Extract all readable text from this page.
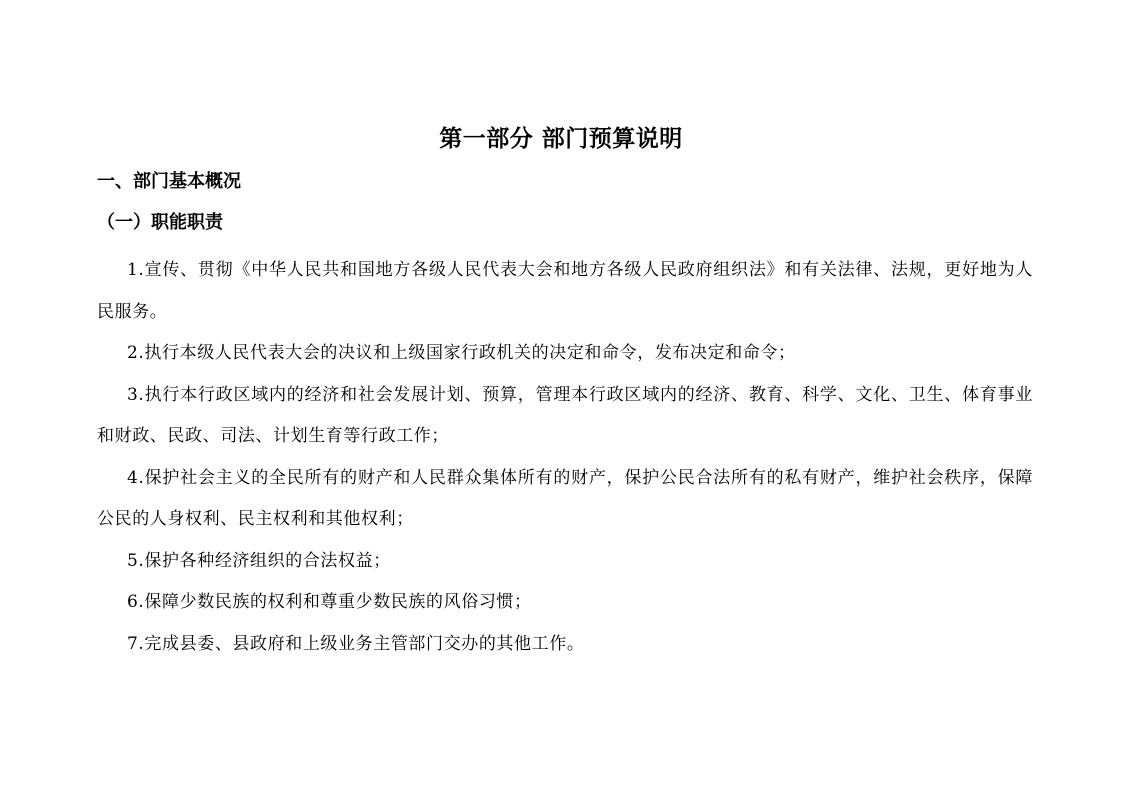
第一部分 部门预算说明
一、部门基本概况
（一）职能职责

1.宣传、贯彻《中华人民共和国地方各级人民代表大会和地方各级人民政府组织法》和有关法律、法规，更好地为人民服务。

2.执行本级人民代表大会的决议和上级国家行政机关的决定和命令，发布决定和命令；

3.执行本行政区域内的经济和社会发展计划、预算，管理本行政区域内的经济、教育、科学、文化、卫生、体育事业和财政、民政、司法、计划生育等行政工作；

4.保护社会主义的全民所有的财产和人民群众集体所有的财产，保护公民合法所有的私有财产，维护社会秩序，保障公民的人身权利、民主权利和其他权利；

5.保护各种经济组织的合法权益；

6.保障少数民族的权利和尊重少数民族的风俗习惯；

7.完成县委、县政府和上级业务主管部门交办的其他工作。
